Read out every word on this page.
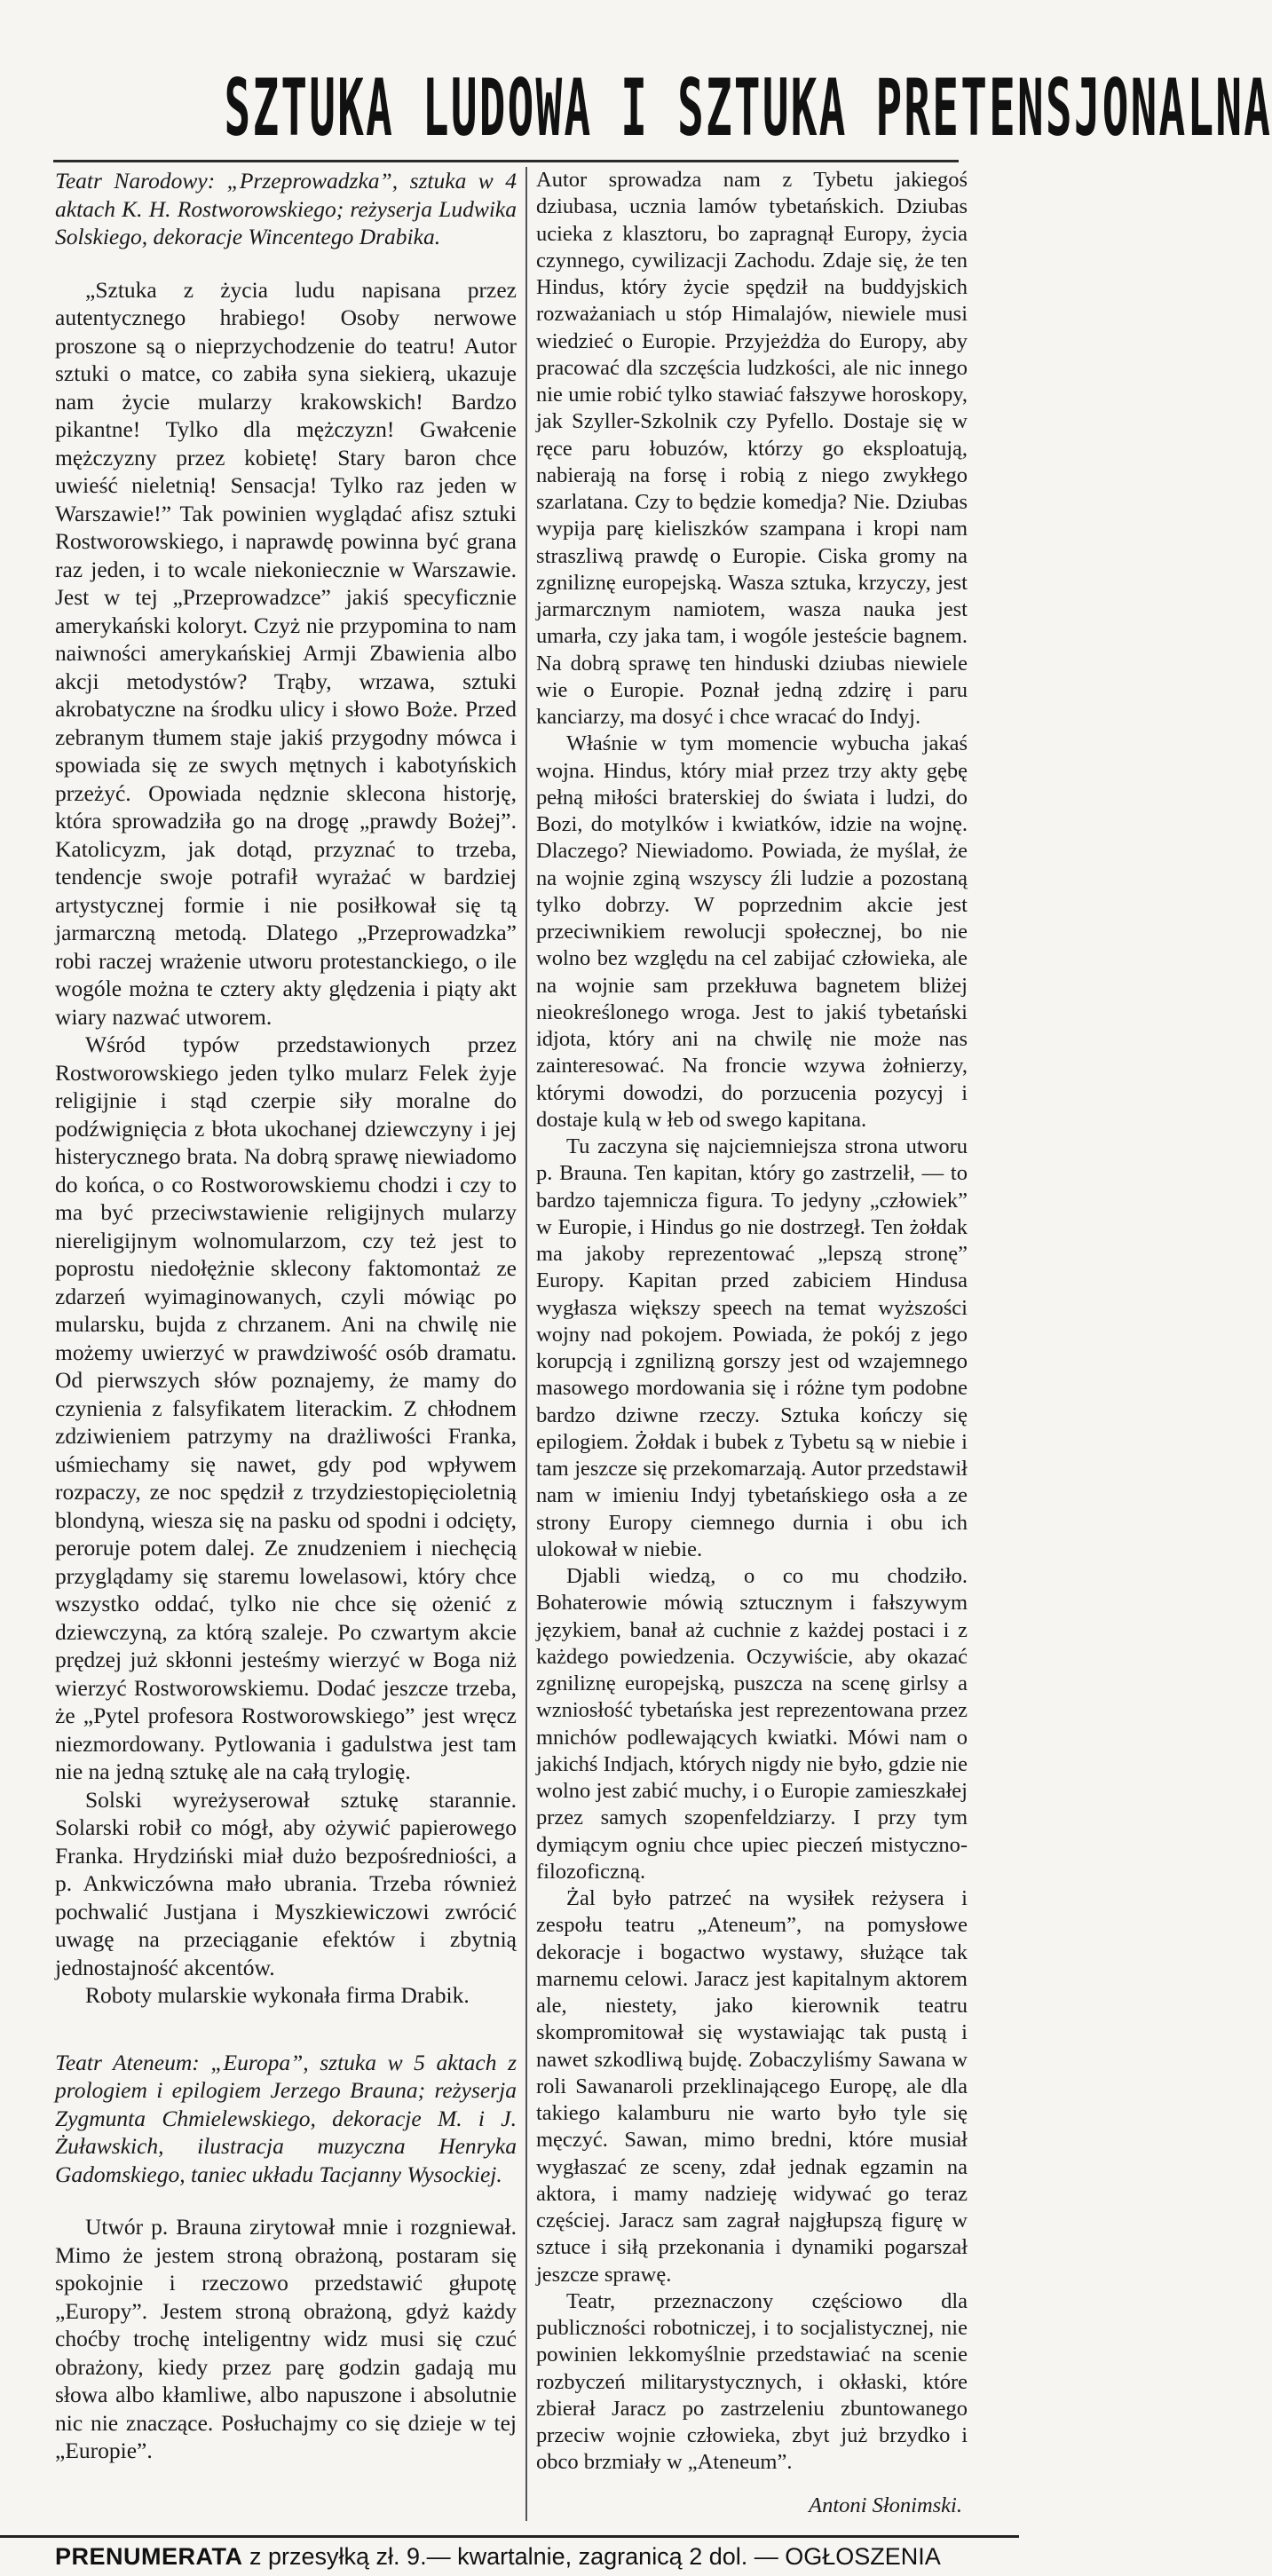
SZTUKA LUDOWA I SZTUKA PRETENSJONALNA

Teatr Narodowy: „Przeprowadzka”, sztuka w 4 aktach K. H. Rostworowskiego; reżyserja Ludwika Solskiego, dekoracje Wincentego Drabika.

„Sztuka z życia ludu napisana przez autentycznego hrabiego! Osoby nerwowe proszone są o nieprzychodzenie do teatru! Autor sztuki o matce, co zabiła syna siekierą, ukazuje nam życie mularzy krakowskich! Bardzo pikantne! Tylko dla mężczyzn! Gwałcenie mężczyzny przez kobietę! Stary baron chce uwieść nieletnią! Sensacja! Tylko raz jeden w Warszawie!” Tak powinien wyglądać afisz sztuki Rostworowskiego, i naprawdę powinna być grana raz jeden, i to wcale niekoniecznie w Warszawie. Jest w tej „Przeprowadzce” jakiś specyficznie amerykański koloryt. Czyż nie przypomina to nam naiwności amerykańskiej Armji Zbawienia albo akcji metodystów? Trąby, wrzawa, sztuki akrobatyczne na środku ulicy i słowo Boże. Przed zebranym tłumem staje jakiś przygodny mówca i spowiada się ze swych mętnych i kabotyńskich przeżyć. Opowiada nędznie sklecona historję, która sprowadziła go na drogę „prawdy Bożej”. Katolicyzm, jak dotąd, przyznać to trzeba, tendencje swoje potrafił wyrażać w bardziej artystycznej formie i nie posiłkował się tą jarmarczną metodą. Dlatego „Przeprowadzka” robi raczej wrażenie utworu protestanckiego, o ile wogóle można te cztery akty ględzenia i piąty akt wiary nazwać utworem.

Wśród typów przedstawionych przez Rostworowskiego jeden tylko mularz Felek żyje religijnie i stąd czerpie siły moralne do podźwignięcia z błota ukochanej dziewczyny i jej histerycznego brata. Na dobrą sprawę niewiadomo do końca, o co Rostworowskiemu chodzi i czy to ma być przeciwstawienie religijnych mularzy niereligijnym wolnomularzom, czy też jest to poprostu niedołężnie sklecony faktomontaż ze zdarzeń wyimaginowanych, czyli mówiąc po mularsku, bujda z chrzanem. Ani na chwilę nie możemy uwierzyć w prawdziwość osób dramatu. Od pierwszych słów poznajemy, że mamy do czynienia z falsyfikatem literackim. Z chłodnem zdziwieniem patrzymy na drażliwości Franka, uśmiechamy się nawet, gdy pod wpływem rozpaczy, ze noc spędził z trzydziestopięcioletnią blondyną, wiesza się na pasku od spodni i odcięty, peroruje potem dalej. Ze znudzeniem i niechęcią przyglądamy się staremu lowelasowi, który chce wszystko oddać, tylko nie chce się ożenić z dziewczyną, za którą szaleje. Po czwartym akcie prędzej już skłonni jesteśmy wierzyć w Boga niż wierzyć Rostworowskiemu. Dodać jeszcze trzeba, że „Pytel profesora Rostworowskiego” jest wręcz niezmordowany. Pytlowania i gadulstwa jest tam nie na jedną sztukę ale na całą trylogię.

Solski wyreżyserował sztukę starannie. Solarski robił co mógł, aby ożywić papierowego Franka. Hrydziński miał dużo bezpośredniości, a p. Ankwiczówna mało ubrania. Trzeba również pochwalić Justjana i Myszkiewiczowi zwrócić uwagę na przeciąganie efektów i zbytnią jednostajność akcentów.

Roboty mularskie wykonała firma Drabik.

Teatr Ateneum: „Europa”, sztuka w 5 aktach z prologiem i epilogiem Jerzego Brauna; reżyserja Zygmunta Chmielewskiego, dekoracje M. i J. Żuławskich, ilustracja muzyczna Henryka Gadomskiego, taniec układu Tacjanny Wysockiej.

Utwór p. Brauna zirytował mnie i rozgniewał. Mimo że jestem stroną obrażoną, postaram się spokojnie i rzeczowo przedstawić głupotę „Europy”. Jestem stroną obrażoną, gdyż każdy choćby trochę inteligentny widz musi się czuć obrażony, kiedy przez parę godzin gadają mu słowa albo kłamliwe, albo napuszone i absolutnie nic nie znaczące. Posłuchajmy co się dzieje w tej „Europie”.

Autor sprowadza nam z Tybetu jakiegoś dziubasa, ucznia lamów tybetańskich. Dziubas ucieka z klasztoru, bo zapragnął Europy, życia czynnego, cywilizacji Zachodu. Zdaje się, że ten Hindus, który życie spędził na buddyjskich rozważaniach u stóp Himalajów, niewiele musi wiedzieć o Europie. Przyjeżdża do Europy, aby pracować dla szczęścia ludzkości, ale nic innego nie umie robić tylko stawiać fałszywe horoskopy, jak Szyller-Szkolnik czy Pyfello. Dostaje się w ręce paru łobuzów, którzy go eksploatują, nabierają na forsę i robią z niego zwykłego szarlatana. Czy to będzie komedja? Nie. Dziubas wypija parę kieliszków szampana i kropi nam straszliwą prawdę o Europie. Ciska gromy na zgniliznę europejską. Wasza sztuka, krzyczy, jest jarmarcznym namiotem, wasza nauka jest umarła, czy jaka tam, i wogóle jesteście bagnem. Na dobrą sprawę ten hinduski dziubas niewiele wie o Europie. Poznał jedną zdzirę i paru kanciarzy, ma dosyć i chce wracać do Indyj.

Właśnie w tym momencie wybucha jakaś wojna. Hindus, który miał przez trzy akty gębę pełną miłości braterskiej do świata i ludzi, do Bozi, do motylków i kwiatków, idzie na wojnę. Dlaczego? Niewiadomo. Powiada, że myślał, że na wojnie zginą wszyscy źli ludzie a pozostaną tylko dobrzy. W poprzednim akcie jest przeciwnikiem rewolucji społecznej, bo nie wolno bez względu na cel zabijać człowieka, ale na wojnie sam przekłuwa bagnetem bliżej nieokreślonego wroga. Jest to jakiś tybetański idjota, który ani na chwilę nie może nas zainteresować. Na froncie wzywa żołnierzy, którymi dowodzi, do porzucenia pozycyj i dostaje kulą w łeb od swego kapitana.

Tu zaczyna się najciemniejsza strona utworu p. Brauna. Ten kapitan, który go zastrzelił, — to bardzo tajemnicza figura. To jedyny „człowiek” w Europie, i Hindus go nie dostrzegł. Ten żołdak ma jakoby reprezentować „lepszą stronę” Europy. Kapitan przed zabiciem Hindusa wygłasza większy speech na temat wyższości wojny nad pokojem. Powiada, że pokój z jego korupcją i zgnilizną gorszy jest od wzajemnego masowego mordowania się i różne tym podobne bardzo dziwne rzeczy. Sztuka kończy się epilogiem. Żołdak i bubek z Tybetu są w niebie i tam jeszcze się przekomarzają. Autor przedstawił nam w imieniu Indyj tybetańskiego osła a ze strony Europy ciemnego durnia i obu ich ulokował w niebie.

Djabli wiedzą, o co mu chodziło. Bohaterowie mówią sztucznym i fałszywym językiem, banał aż cuchnie z każdej postaci i z każdego powiedzenia. Oczywiście, aby okazać zgniliznę europejską, puszcza na scenę girlsy a wzniosłość tybetańska jest reprezentowana przez mnichów podlewających kwiatki. Mówi nam o jakichś Indjach, których nigdy nie było, gdzie nie wolno jest zabić muchy, i o Europie zamieszkałej przez samych szopenfeldziarzy. I przy tym dymiącym ogniu chce upiec pieczeń mistyczno-filozoficzną.

Żal było patrzeć na wysiłek reżysera i zespołu teatru „Ateneum”, na pomysłowe dekoracje i bogactwo wystawy, służące tak marnemu celowi. Jaracz jest kapitalnym aktorem ale, niestety, jako kierownik teatru skompromitował się wystawiając tak pustą i nawet szkodliwą bujdę. Zobaczyliśmy Sawana w roli Sawanaroli przeklinającego Europę, ale dla takiego kalamburu nie warto było tyle się męczyć. Sawan, mimo bredni, które musiał wygłaszać ze sceny, zdał jednak egzamin na aktora, i mamy nadzieję widywać go teraz częściej. Jaracz sam zagrał najgłupszą figurę w sztuce i siłą przekonania i dynamiki pogarszał jeszcze sprawę.

Teatr, przeznaczony częściowo dla publiczności robotniczej, i to socjalistycznej, nie powinien lekkomyślnie przedstawiać na scenie rozbyczeń militarystycznych, i okłaski, które zbierał Jaracz po zastrzeleniu zbuntowanego przeciw wojnie człowieka, zbyt już brzydko i obco brzmiały w „Ateneum”.

Antoni Słonimski.

PRENUMERATA z przesyłką zł. 9.— kwartalnie, zagranicą 2 dol. — OGŁOSZENIA
